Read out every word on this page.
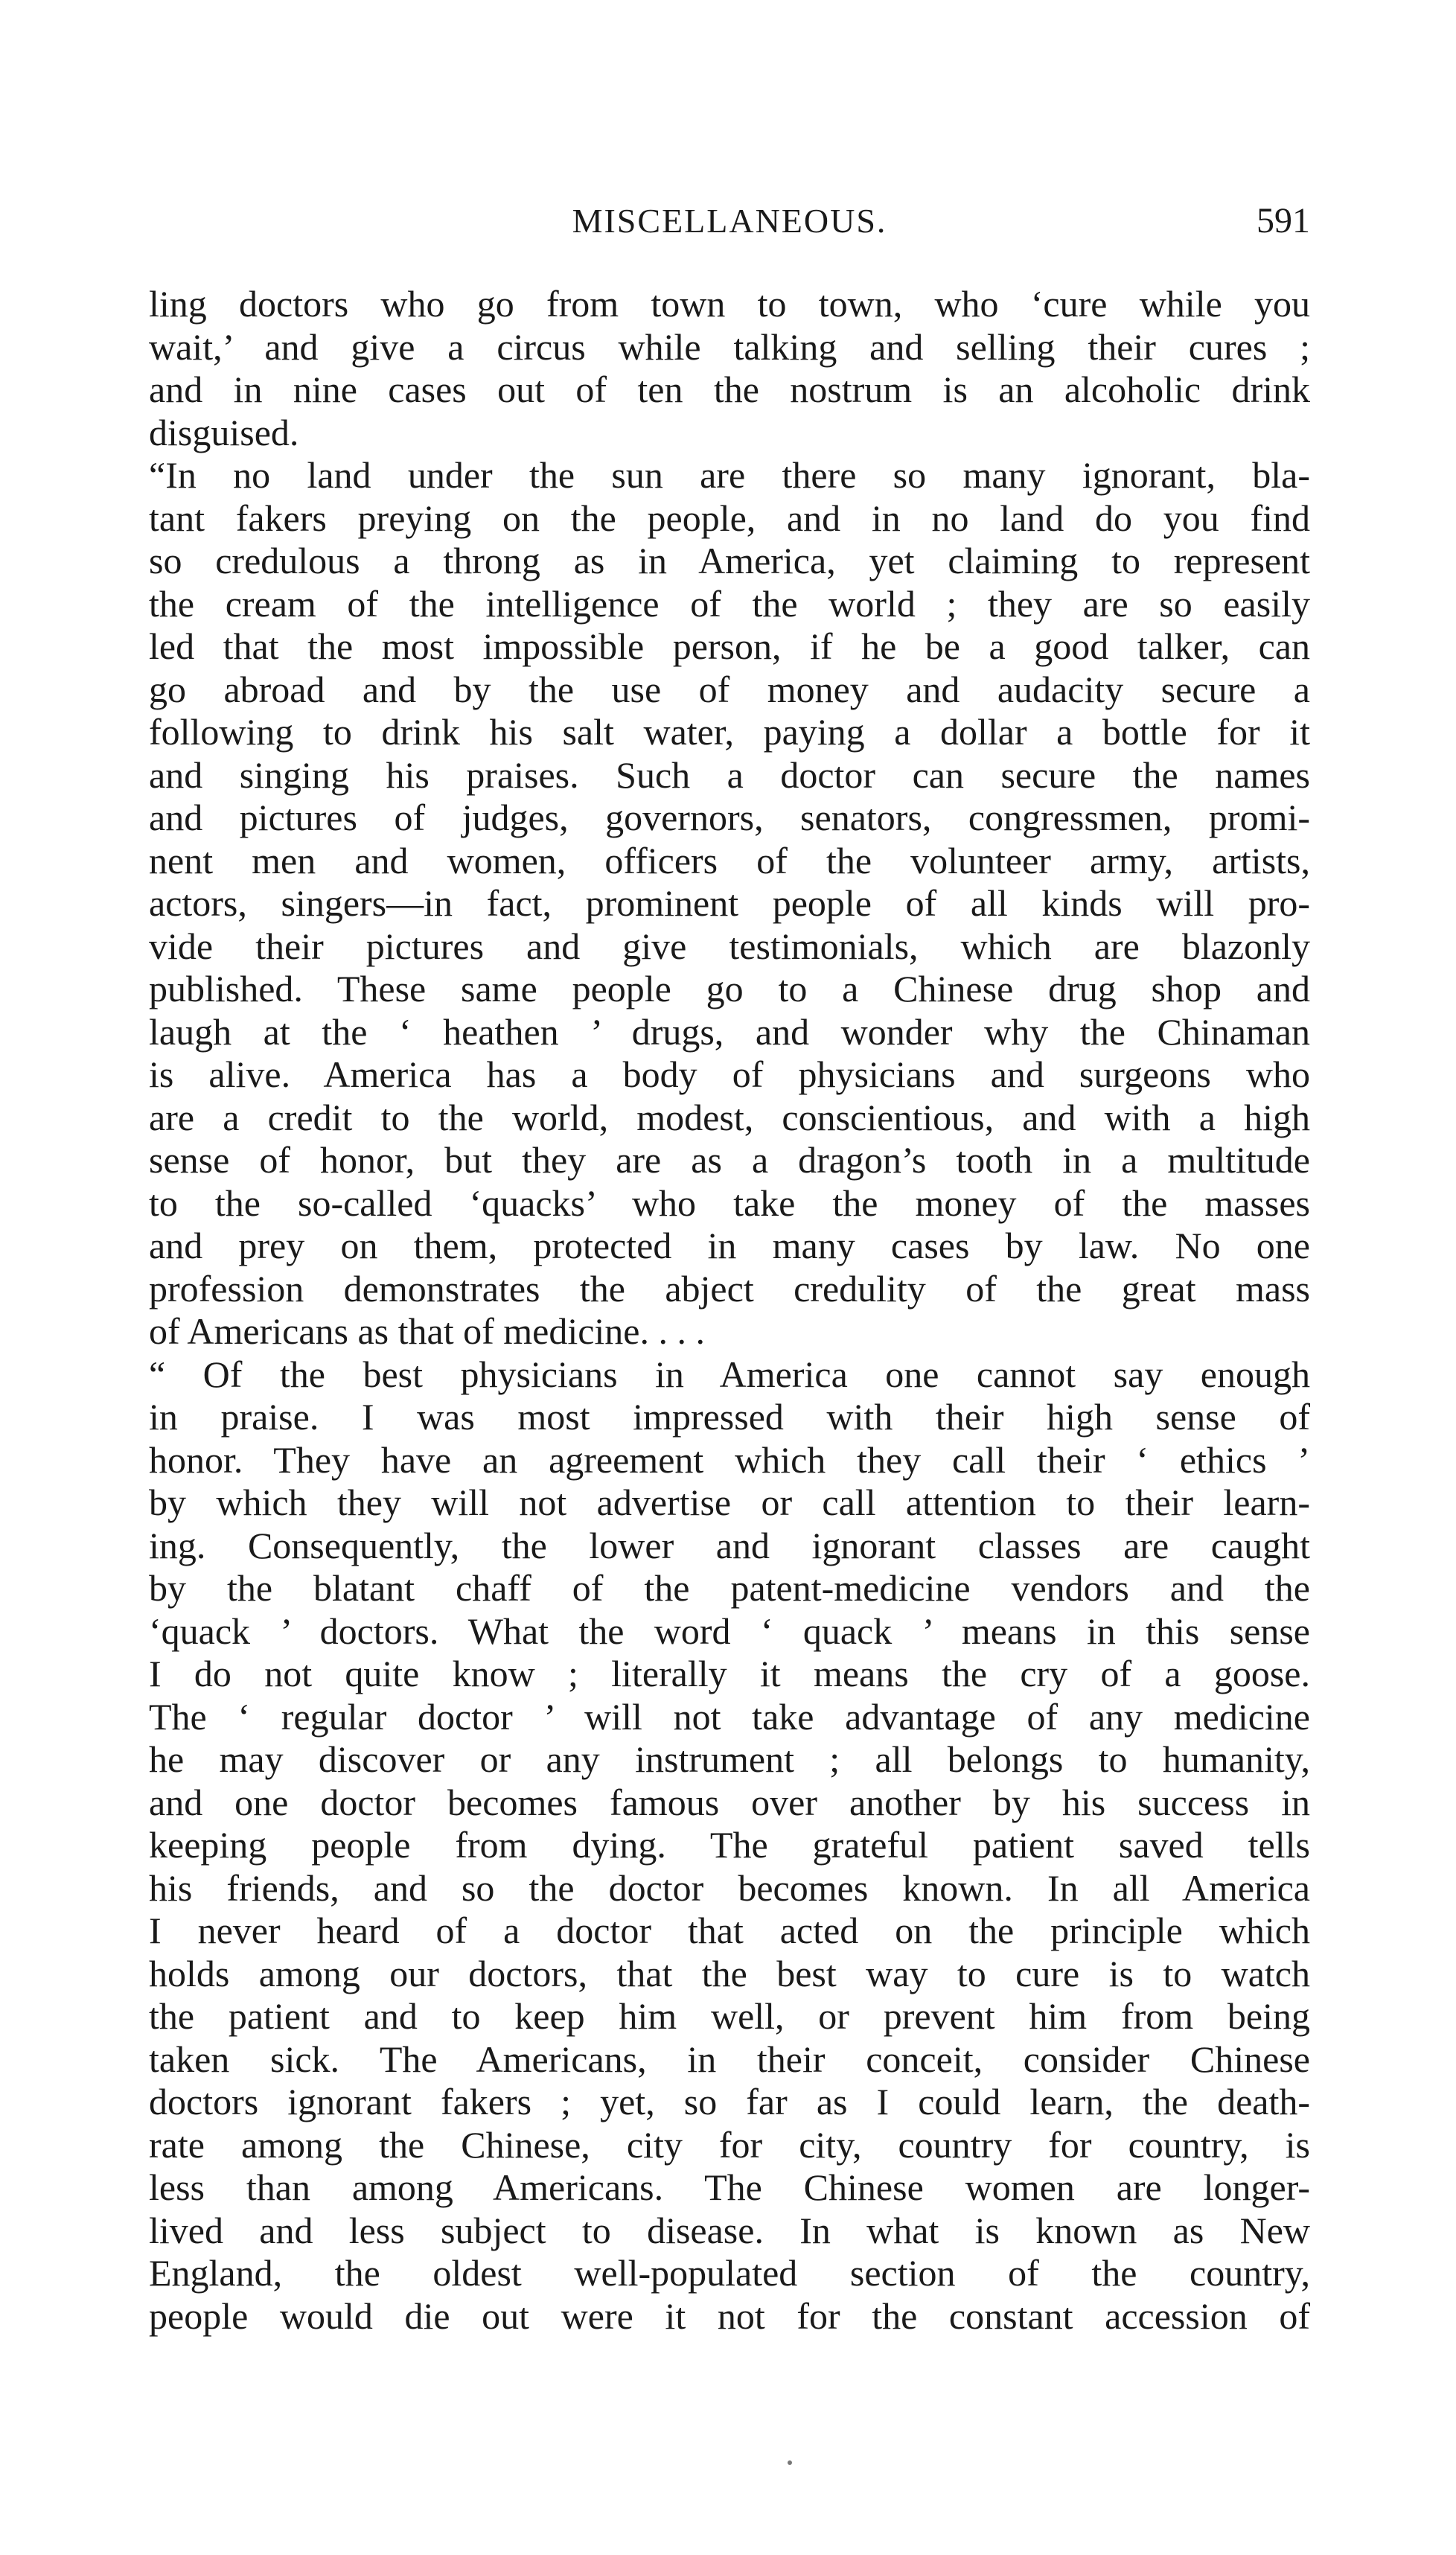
MISCELLANEOUS.	591
ling doctors who go from town to town, who ‘cure while you
wait,’ and give a circus while talking and selling their cures ;
and in nine cases out of ten the nostrum is an alcoholic drink
disguised.
“In no land under the sun are there so many ignorant, bla-
tant fakers preying on the people, and in no land do you find
so credulous a throng as in America, yet claiming to represent
the cream of the intelligence of the world ; they are so easily
led that the most impossible person, if he be a good talker, can
go abroad and by the use of money and audacity secure a
following to drink his salt water, paying a dollar a bottle for it
and singing his praises. Such a doctor can secure the names
and pictures of judges, governors, senators, congressmen, promi-
nent men and women, officers of the volunteer army, artists,
actors, singers—in fact, prominent people of all kinds will pro-
vide their pictures and give testimonials, which are blazonly
published. These same people go to a Chinese drug shop and
laugh at the ‘ heathen ’ drugs, and wonder why the Chinaman
is alive. America has a body of physicians and surgeons who
are a credit to the world, modest, conscientious, and with a high
sense of honor, but they are as a dragon’s tooth in a multitude
to the so-called ‘quacks’ who take the money of the masses
and prey on them, protected in many cases by law. No one
profession demonstrates the abject credulity of the great mass
of Americans as that of medicine. . . .
“ Of the best physicians in America one cannot say enough
in praise. I was most impressed with their high sense of
honor. They have an agreement which they call their ‘ ethics ’
by which they will not advertise or call attention to their learn-
ing. Consequently, the lower and ignorant classes are caught
by the blatant chaff of the patent-medicine vendors and the
‘quack ’ doctors. What the word ‘ quack ’ means in this sense
I do not quite know ; literally it means the cry of a goose.
The ‘ regular doctor ’ will not take advantage of any medicine
he may discover or any instrument ; all belongs to humanity,
and one doctor becomes famous over another by his success in
keeping people from dying. The grateful patient saved tells
his friends, and so the doctor becomes known. In all America
I never heard of a doctor that acted on the principle which
holds among our doctors, that the best way to cure is to watch
the patient and to keep him well, or prevent him from being
taken sick. The Americans, in their conceit, consider Chinese
doctors ignorant fakers ; yet, so far as I could learn, the death-
rate among the Chinese, city for city, country for country, is
less than among Americans. The Chinese women are longer-
lived and less subject to disease. In what is known as New
England, the oldest well-populated section of the country,
people would die out were it not for the constant accession of
